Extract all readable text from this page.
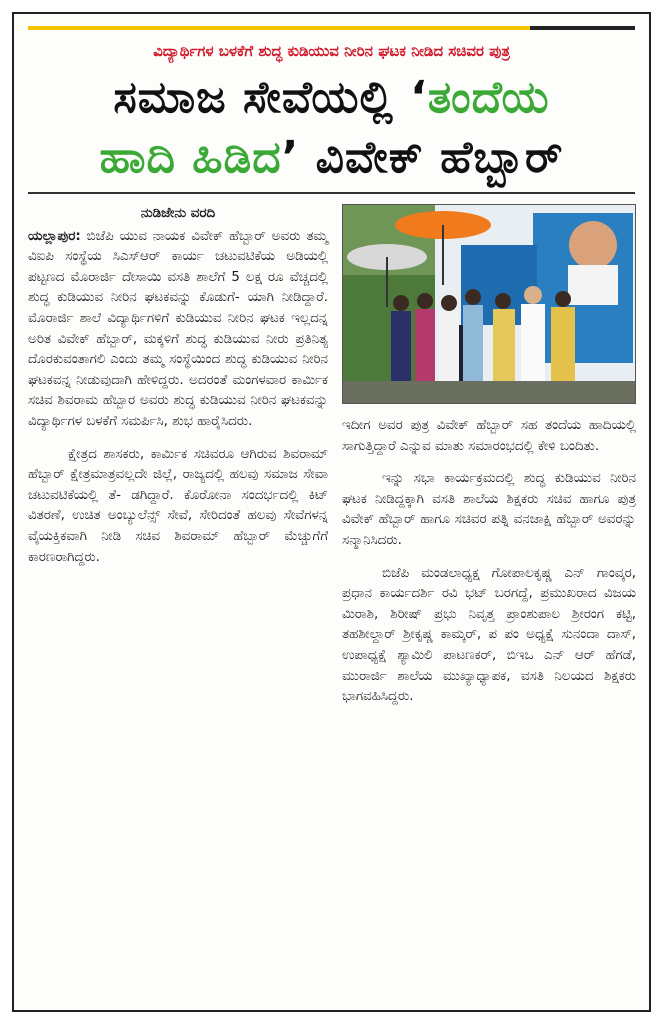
ವಿದ್ಯಾರ್ಥಿಗಳ ಬಳಕೆಗೆ ಶುದ್ಧ ಕುಡಿಯುವ ನೀರಿನ ಘಟಕ ನೀಡಿದ ಸಚಿವರ ಪುತ್ರ
ಸಮಾಜ ಸೇವೆಯಲ್ಲಿ ‘ತಂದೆಯ
ಹಾದಿ ಹಿಡಿದ’ ವಿವೇಕ್ ಹೆಬ್ಬಾರ್
ನುಡಿಜೇನು ವರದಿ

ಯಲ್ಲಾಪುರ: ಬಿಜೆಪಿ ಯುವ ನಾಯಕ ವಿವೇಕ್ ಹೆಬ್ಬಾರ್ ಅವರು ತಮ್ಮ ವಿಐಪಿ ಸಂಸ್ಥೆಯ ಸಿಎಸ್‌ಆರ್ ಕಾರ್ಯ ಚಟುವಟಿಕೆಯ ಅಡಿಯಲ್ಲಿ ಪಟ್ಟಣದ ಮೊರಾರ್ಜಿ ದೇಸಾಯಿ ವಸತಿ ಶಾಲೆಗೆ 5 ಲಕ್ಷ ರೂ ವೆಚ್ಚದಲ್ಲಿ ಶುದ್ಧ ಕುಡಿಯುವ ನೀರಿನ ಘಟಕವನ್ನು ಕೊಡುಗೆ- ಯಾಗಿ ನೀಡಿದ್ದಾರೆ. ಮೊರಾರ್ಜಿ ಶಾಲೆ ವಿದ್ಯಾರ್ಥಿಗಳಿಗೆ ಕುಡಿಯುವ ನೀರಿನ ಘಟಕ ಇಲ್ಲದನ್ನ ಅರಿತ ವಿವೇಕ್ ಹೆಬ್ಬಾರ್, ಮಕ್ಕಳಿಗೆ ಶುದ್ಧ ಕುಡಿಯುವ ನೀರು ಪ್ರತಿನಿತ್ಯ ದೊರಕುವಂತಾಗಲಿ ಎಂದು ತಮ್ಮ ಸಂಸ್ಥೆಯಿಂದ ಶುದ್ಧ ಕುಡಿಯುವ ನೀರಿನ ಘಟಕವನ್ನ ನೀಡುವುದಾಗಿ ಹೇಳಿದ್ದರು. ಅದರಂತೆ ಮಂಗಳವಾರ ಕಾರ್ಮಿಕ ಸಚಿವ ಶಿವರಾಮ ಹೆಬ್ಬಾರ ಅವರು ಶುದ್ಧ ಕುಡಿಯುವ ನೀರಿನ ಘಟಕವನ್ನು ವಿದ್ಯಾರ್ಥಿಗಳ ಬಳಕೆಗೆ ಸಮರ್ಪಿಸಿ, ಶುಭ ಹಾರೈಸಿದರು.

ಕ್ಷೇತ್ರದ ಶಾಸಕರು, ಕಾರ್ಮಿಕ ಸಚಿವರೂ ಆಗಿರುವ ಶಿವರಾಮ್ ಹೆಬ್ಬಾರ್ ಕ್ಷೇತ್ರಮಾತ್ರವಲ್ಲದೇ ಜಿಲ್ಲೆ, ರಾಜ್ಯದಲ್ಲಿ ಹಲವು ಸಮಾಜ ಸೇವಾ ಚಟುವಟಿಕೆಯಲ್ಲಿ ತೆ- ಡಗಿದ್ದಾರೆ. ಕೊರೋನಾ ಸಂದರ್ಭದಲ್ಲಿ ಕಿಟ್ ವಿತರಣೆ, ಉಚಿತ ಅಂಬ್ಯುಲೆನ್ಸ್ ಸೇವೆ, ಸೇರಿದಂತೆ ಹಲವು ಸೇವೆಗಳನ್ನ ವೈಯಕ್ತಿಕವಾಗಿ ನೀಡಿ ಸಚಿವ ಶಿವರಾಮ್ ಹೆಬ್ಬಾರ್ ಮೆಚ್ಚುಗೆಗೆ ಕಾರಣರಾಗಿದ್ದರು.

ಇದೀಗ ಅವರ ಪುತ್ರ ವಿವೇಕ್ ಹೆಬ್ಬಾರ್ ಸಹ ತಂದೆಯ ಹಾದಿಯಲ್ಲಿ ಸಾಗುತ್ತಿದ್ದಾರೆ ಎನ್ನುವ ಮಾತು ಸಮಾರಂಭದಲ್ಲಿ ಕೇಳಿ ಬಂದಿತು.

ಇನ್ನು ಸಭಾ ಕಾರ್ಯಕ್ರಮದಲ್ಲಿ ಶುದ್ಧ ಕುಡಿಯುವ ನೀರಿನ ಘಟಕ ನೀಡಿದ್ದಕ್ಕಾಗಿ ವಸತಿ ಶಾಲೆಯ ಶಿಕ್ಷಕರು ಸಚಿವ ಹಾಗೂ ಪುತ್ರ ವಿವೇಕ್ ಹೆಬ್ಬಾರ್ ಹಾಗೂ ಸಚಿವರ ಪತ್ನಿ ವನಜಾಕ್ಷಿ ಹೆಬ್ಬಾರ್ ಅವರನ್ನು ಸನ್ಮಾನಿಸಿದರು.

ಬಿಜೆಪಿ ಮಂಡಲಾಧ್ಯಕ್ಷ ಗೋಪಾಲಕೃಷ್ಣ ಎನ್ ಗಾಂವ್ಕರ, ಪ್ರಧಾನ ಕಾರ್ಯದರ್ಶಿ ರವಿ ಭಟ್ ಬರಗದ್ದೆ, ಪ್ರಮುಖರಾದ ವಿಜಯ ಮಿರಾಶಿ, ಶಿರೀಷ್ ಪ್ರಭು ನಿವೃತ್ತ ಪ್ರಾಂಶುಪಾಲ ಶ್ರೀರಂಗ ಕಟ್ಟಿ, ತಹಶೀಲ್ದಾರ್ ಶ್ರೀಕೃಷ್ಣ ಕಾಮ್ಕರ್, ಪ ಪಂ ಅಧ್ಯಕ್ಷೆ ಸುನಂದಾ ದಾಸ್, ಉಪಾಧ್ಯಕ್ಷೆ ಶ್ಯಾಮಿಲಿ ಪಾಟಣಕರ್, ಬಿಇಒ ಎನ್ ಆರ್ ಹೆಗಡೆ, ಮುರಾರ್ಜಿ ಶಾಲೆಯ ಮುಖ್ಯಾಧ್ಯಾಪಕ, ವಸತಿ ನಿಲಯದ ಶಿಕ್ಷಕರು ಭಾಗವಹಿಸಿದ್ದರು.
